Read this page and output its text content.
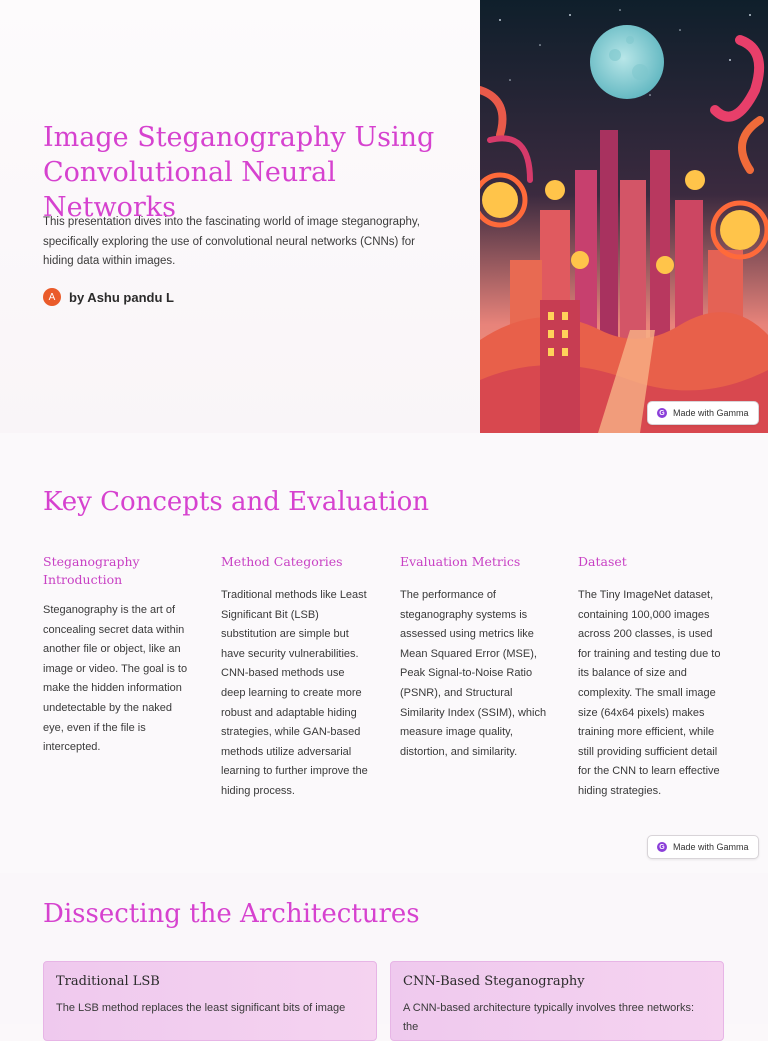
Image Steganography Using Convolutional Neural Networks

This presentation dives into the fascinating world of image steganography, specifically exploring the use of convolutional neural networks (CNNs) for hiding data within images.

A	by Ashu pandu L
G Made with Gamma
Key Concepts and Evaluation
Steganography Introduction

Steganography is the art of concealing secret data within another file or object, like an image or video. The goal is to make the hidden information undetectable by the naked eye, even if the file is intercepted.

Method Categories

Traditional methods like Least Significant Bit (LSB) substitution are simple but have security vulnerabilities. CNN-based methods use deep learning to create more robust and adaptable hiding strategies, while GAN-based methods utilize adversarial learning to further improve the hiding process.

Evaluation Metrics

The performance of steganography systems is assessed using metrics like Mean Squared Error (MSE), Peak Signal-to-Noise Ratio (PSNR), and Structural Similarity Index (SSIM), which measure image quality, distortion, and similarity.

Dataset

The Tiny ImageNet dataset, containing 100,000 images across 200 classes, is used for training and testing due to its balance of size and complexity. The small image size (64x64 pixels) makes training more efficient, while still providing sufficient detail for the CNN to learn effective hiding strategies.

G Made with Gamma
Dissecting the Architectures
Traditional LSB

The LSB method replaces the least significant bits of image

CNN-Based Steganography

A CNN-based architecture typically involves three networks: the
